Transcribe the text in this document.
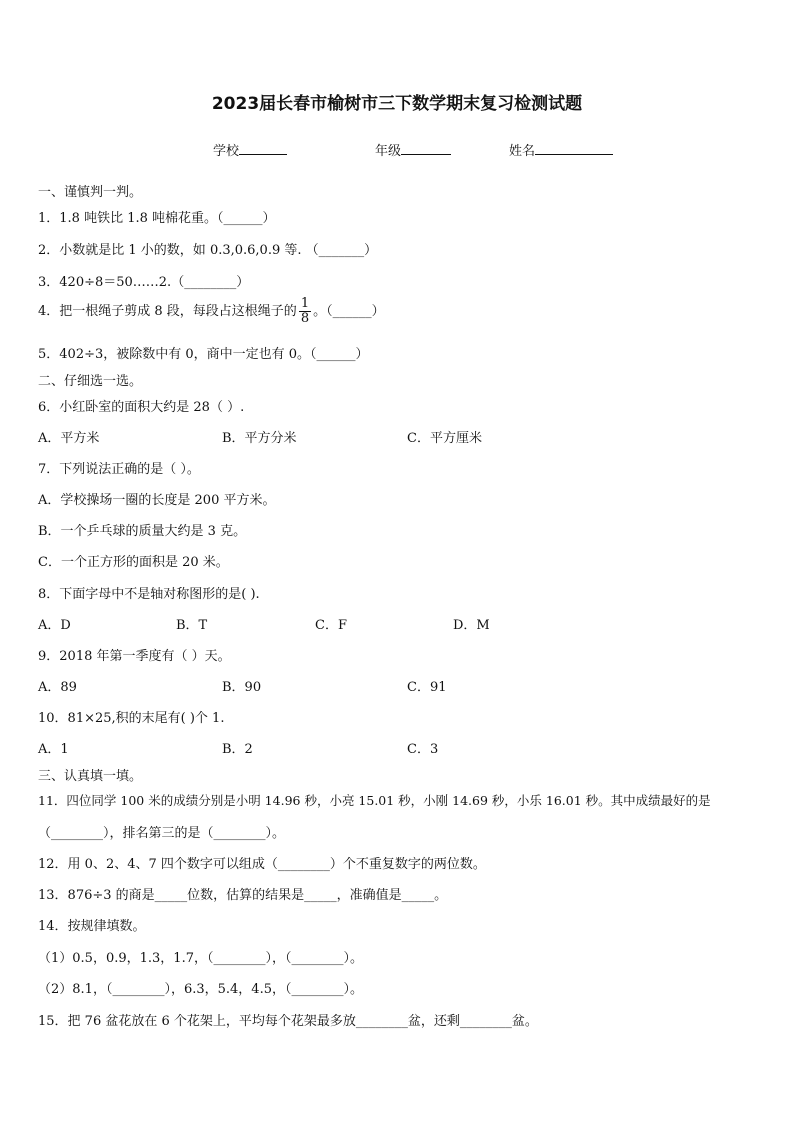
2023届长春市榆树市三下数学期末复习检测试题
学校	年级	姓名
一、谨慎判一判。
1．1.8 吨铁比 1.8 吨棉花重。（______）
2．小数就是比 1 小的数，如 0.3,0.6,0.9 等. （_______）
3．420÷8＝50……2.（________）
4．把一根绳子剪成 8 段，每段占这根绳子的 $\frac{1}{8}$ 。（______）
5．402÷3，被除数中有 0，商中一定也有 0。（______）
二、仔细选一选。
6．小红卧室的面积大约是 28（ ）.
A．平方米	B．平方分米	C．平方厘米
7．下列说法正确的是（ ）。
A．学校操场一圈的长度是 200 平方米。
B．一个乒乓球的质量大约是 3 克。
C．一个正方形的面积是 20 米。
8．下面字母中不是轴对称图形的是( ).
A．D	B．T	C．F	D．M
9．2018 年第一季度有（ ）天。
A．89	B．90	C．91
10．81×25,积的末尾有( )个 1.
A．1	B．2	C．3
三、认真填一填。
11．四位同学 100 米的成绩分别是小明 14.96 秒，小亮 15.01 秒，小刚 14.69 秒，小乐 16.01 秒。其中成绩最好的是
（________），排名第三的是（________）。
12．用 0、2、4、7 四个数字可以组成（________）个不重复数字的两位数。
13．876÷3 的商是_____位数，估算的结果是_____，准确值是_____。
14．按规律填数。
（1）0.5，0.9，1.3，1.7，（________），（________）。
（2）8.1，（________），6.3，5.4，4.5，（________）。
15．把 76 盆花放在 6 个花架上，平均每个花架最多放________盆，还剩________盆。
